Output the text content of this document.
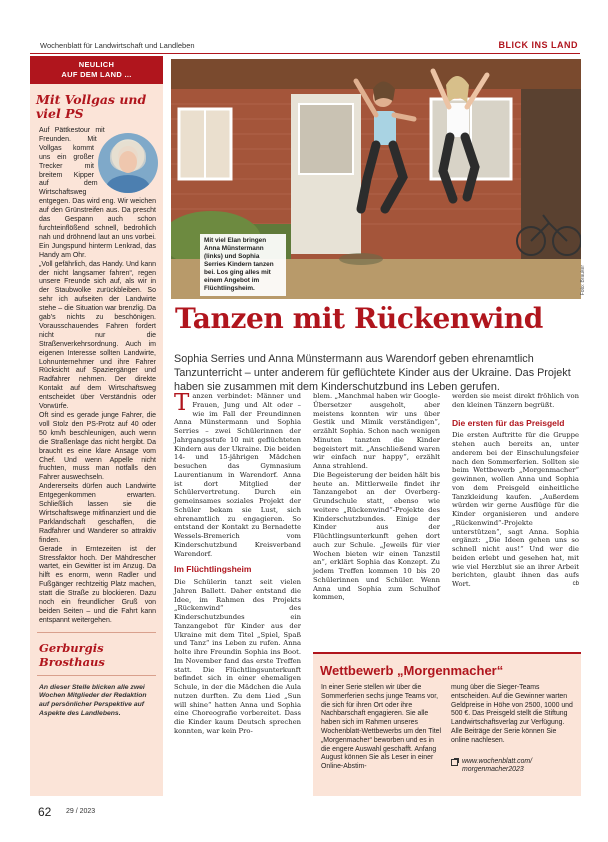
Wochenblatt für Landwirtschaft und Landleben	BLICK INS LAND
NEULICH
AUF DEM LAND ...
Mit Vollgas und viel PS

Auf Pättkestour mit Freunden. Mit Vollgas kommt uns ein großer Trecker mit breitem Kipper auf dem Wirtschaftsweg entgegen. Das wird eng. Wir weichen auf den Grünstreifen aus. Da prescht das Gespann auch schon furchteinflößend schnell, bedrohlich nah und dröhnend laut an uns vorbei. Ein Jungspund hinterm Lenkrad, das Handy am Ohr.

„Voll gefährlich, das Handy. Und kann der nicht langsamer fahren“, regen unsere Freunde sich auf, als wir in der Staubwolke zurückbleiben. So sehr ich aufseiten der Landwirte stehe – die Situation war brenzlig. Da gab’s nichts zu beschönigen. Vorausschauendes Fahren fordert nicht nur die Straßenverkehrsordnung. Auch im eigenen Interesse sollten Landwirte, Lohnunternehmer und ihre Fahrer Rücksicht auf Spaziergänger und Radfahrer nehmen. Der direkte Kontakt auf dem Wirtschaftsweg entscheidet über Verständnis oder Vorwürfe.

Oft sind es gerade junge Fahrer, die voll Stolz den PS-Protz auf 40 oder 50 km/h beschleunigen, auch wenn die Straßenlage das nicht hergibt. Da braucht es eine klare Ansage vom Chef. Und wenn Appelle nicht fruchten, muss man notfalls den Fahrer auswechseln.

Andererseits dürfen auch Landwirte Entgegenkommen erwarten. Schließlich lassen sie die Wirtschaftswege mitfinanziert und die Parklandschaft geschaffen, die Radfahrer und Wanderer so attraktiv finden.

Gerade in Erntezeiten ist der Stressfaktor hoch. Der Mähdrescher wartet, ein Gewitter ist im Anzug. Da hilft es enorm, wenn Radler und Fußgänger rechtzeitig Platz machen, statt die Straße zu blockieren. Dazu noch ein freundlicher Gruß von beiden Seiten – und die Fahrt kann entspannt weitergehen.

Gerburgis Brosthaus
An dieser Stelle blicken alle zwei Wochen Mitglieder der Redaktion auf persönlicher Perspektive auf Aspekte des Landlebens.
Mit viel Elan bringen Anna Münstermann (links) und Sophia Serries Kindern tanzen bei. Los ging alles mit einem Angebot im Flüchtlingsheim.	Foto: Brauker
Tanzen mit Rückenwind

Sophia Serries und Anna Münstermann aus Warendorf geben ehrenamtlich Tanzunterricht – unter anderem für geflüchtete Kinder aus der Ukraine. Das Projekt haben sie zusammen mit dem Kinderschutzbund ins Leben gerufen.

Tanzen verbindet: Männer und Frauen, Jung und Alt oder – wie im Fall der Freundinnen Anna Münstermann und Sophia Serries – zwei Schülerinnen der Jahrgangsstufe 10 mit geflüchteten Kindern aus der Ukraine. Die beiden 14- und 15-jährigen Mädchen besuchen das Gymnasium Laurentianum in Warendorf. Anna ist dort Mitglied der Schülervertretung. Durch ein gemeinsames soziales Projekt der Schüler bekam sie Lust, sich ehrenamtlich zu engagieren. So entstand der Kontakt zu Bernadette Wessels-Bremerich vom Kinderschutzbund Kreisverband Warendorf.
Im Flüchtlingsheim

Die Schülerin tanzt seit vielen Jahren Ballett. Daher entstand die Idee, im Rahmen des Projekts „Rückenwind“ des Kinderschutzbundes ein Tanzangebot für Kinder aus der Ukraine mit dem Titel „Spiel, Spaß und Tanz“ ins Leben zu rufen. Anna holte ihre Freundin Sophia ins Boot. Im November fand das erste Treffen statt. Die Flüchtlingsunterkunft befindet sich in einer ehemaligen Schule, in der die Mädchen die Aula nutzen durften. Zu dem Lied „Sun will shine“ hatten Anna und Sophia eine Choreografie vorbereitet. Dass die Kinder kaum Deutsch sprechen konnten, war kein Pro-

blem. „Manchmal haben wir Google-Übersetzer ausgeholt, aber meistens konnten wir uns über Gestik und Mimik verständigen“, erzählt Sophia. Schon nach wenigen Minuten tanzten die Kinder begeistert mit. „Anschließend waren wir einfach nur happy“, erzählt Anna strahlend.

Die Begeisterung der beiden hält bis heute an. Mittlerweile findet ihr Tanzangebot an der Overberg-Grundschule statt, ebenso wie weitere „Rückenwind“-Projekte des Kinderschutzbundes. Einige der Kinder aus der Flüchtlingsunterkunft gehen dort auch zur Schule. „Jeweils für vier Wochen bieten wir einen Tanzstil an“, erklärt Sophia das Konzept. Zu jedem Treffen kommen 10 bis 20 Schülerinnen und Schüler. Wenn Anna und Sophia zum Schulhof kommen,

werden sie meist direkt fröhlich von den kleinen Tänzern begrüßt.

Die ersten für das Preisgeld

Die ersten Auftritte für die Gruppe stehen auch bereits an, unter anderem bei der Einschulungsfeier nach den Sommerferien. Sollten sie beim Wettbewerb „Morgenmacher“ gewinnen, wollen Anna und Sophia von dem Preisgeld einheitliche Tanzkleidung kaufen. „Außerdem würden wir gerne Ausflüge für die Kinder organisieren und andere „Rückenwind“-Projekte unterstützen“, sagt Anna. Sophia ergänzt: „Die Ideen gehen uns so schnell nicht aus!“ Und wer die beiden erlebt und gesehen hat, mit wie viel Herzblut sie an ihrer Arbeit berichten, glaubt ihnen das aufs Wort.	cb

Wettbewerb „Morgenmacher“
In einer Serie stellen wir über die Sommerferien sechs junge Teams vor, die sich für ihren Ort oder ihre Nachbarschaft engagieren. Sie alle haben sich im Rahmen unseres Wochenblatt-Wettbewerbs um den Titel „Morgenmacher“ beworben und es in die engere Auswahl geschafft. Anfang August können Sie als Leser in einer Online-Abstim-
mung über die Sieger-Teams entscheiden. Auf die Gewinner warten Geldpreise in Höhe von 2500, 1000 und 500 €. Das Preisgeld stellt die Stiftung Landwirtschaftsverlag zur Verfügung. Alle Beiträge der Serie können Sie online nachlesen.
www.wochenblatt.com/
morgenmacher2023
62 29 / 2023
